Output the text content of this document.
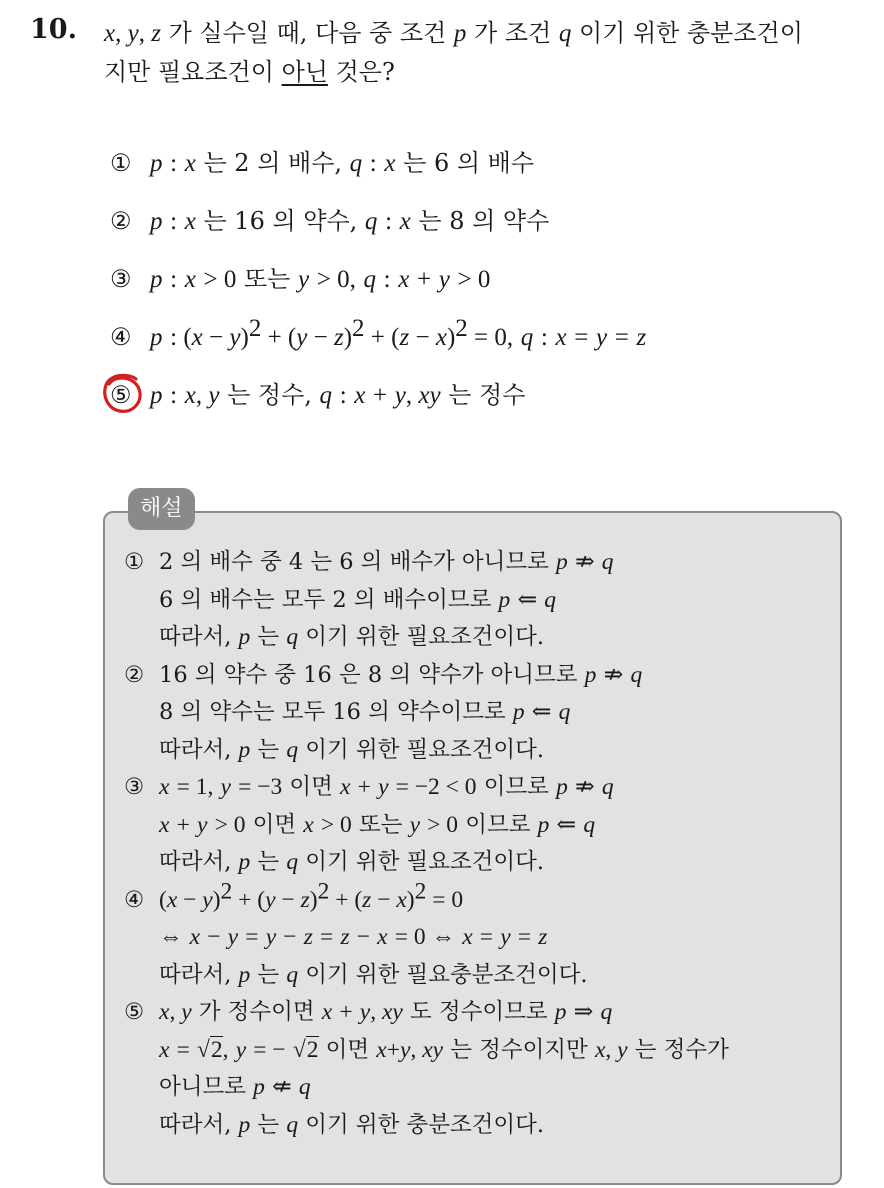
10. x, y, z 가 실수일 때, 다음 중 조건 p 가 조건 q 이기 위한 충분조건이
지만 필요조건이 아닌 것은?
① p : x 는 2 의 배수, q : x 는 6 의 배수
② p : x 는 16 의 약수, q : x 는 8 의 약수
③ p : x > 0 또는 y > 0, q : x + y > 0
④ p : $(x - y)^2 + (y - z)^2 + (z - x)^2 = 0$, q : x = y = z
⑤ p : x, y 는 정수, q : x + y, xy 는 정수
해설
① 2 의 배수 중 4 는 6 의 배수가 아니므로 p ⇏ q
6 의 배수는 모두 2 의 배수이므로 p ⇐ q
따라서, p 는 q 이기 위한 필요조건이다.
② 16 의 약수 중 16 은 8 의 약수가 아니므로 p ⇏ q
8 의 약수는 모두 16 의 약수이므로 p ⇐ q
따라서, p 는 q 이기 위한 필요조건이다.
③ x = 1, y = −3 이면 x + y = −2 < 0 이므로 p ⇏ q
x + y > 0 이면 x > 0 또는 y > 0 이므로 p ⇐ q
따라서, p 는 q 이기 위한 필요조건이다.
④ $(x - y)^2 + (y - z)^2 + (z - x)^2 = 0$
⇔ x − y = y − z = z − x = 0 ⇔ x = y = z
따라서, p 는 q 이기 위한 필요충분조건이다.
⑤ x, y 가 정수이면 x + y, xy 도 정수이므로 p ⇒ q
x = √2, y = − √2 이면 x+y, xy 는 정수이지만 x, y 는 정수가
아니므로 p ⇍ q
따라서, p 는 q 이기 위한 충분조건이다.
